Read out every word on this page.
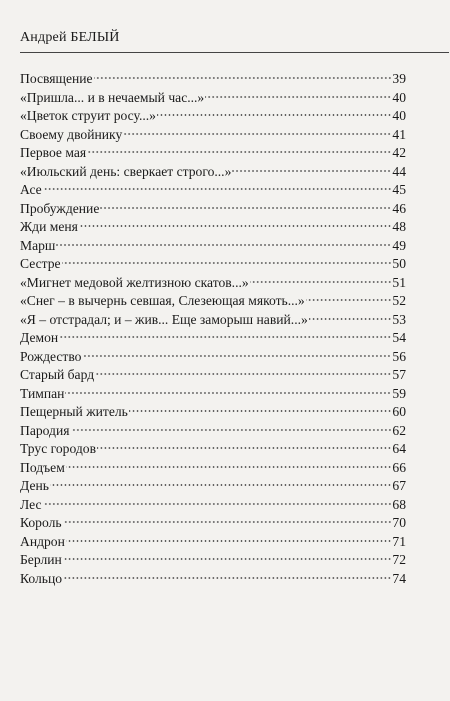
Андрей БЕЛЫЙ
Посвящение	39
«Пришла... и в нечаемый час...»	40
«Цветок струит росу...»	40
Своему двойнику	41
Первое мая	42
«Июльский день: сверкает строго...»	44
Асе	45
Пробуждение	46
Жди меня	48
Марш	49
Сестре	50
«Мигнет медовой желтизною скатов...»	51
«Снег – в вычернь севшая, Слезеющая мякоть...»	52
«Я – отстрадал; и – жив... Еще заморыш навий...»	53
Демон	54
Рождество	56
Старый бард	57
Тимпан	59
Пещерный житель	60
Пародия	62
Трус городов	64
Подъем	66
День	67
Лес	68
Король	70
Андрон	71
Берлин	72
Кольцо	74
